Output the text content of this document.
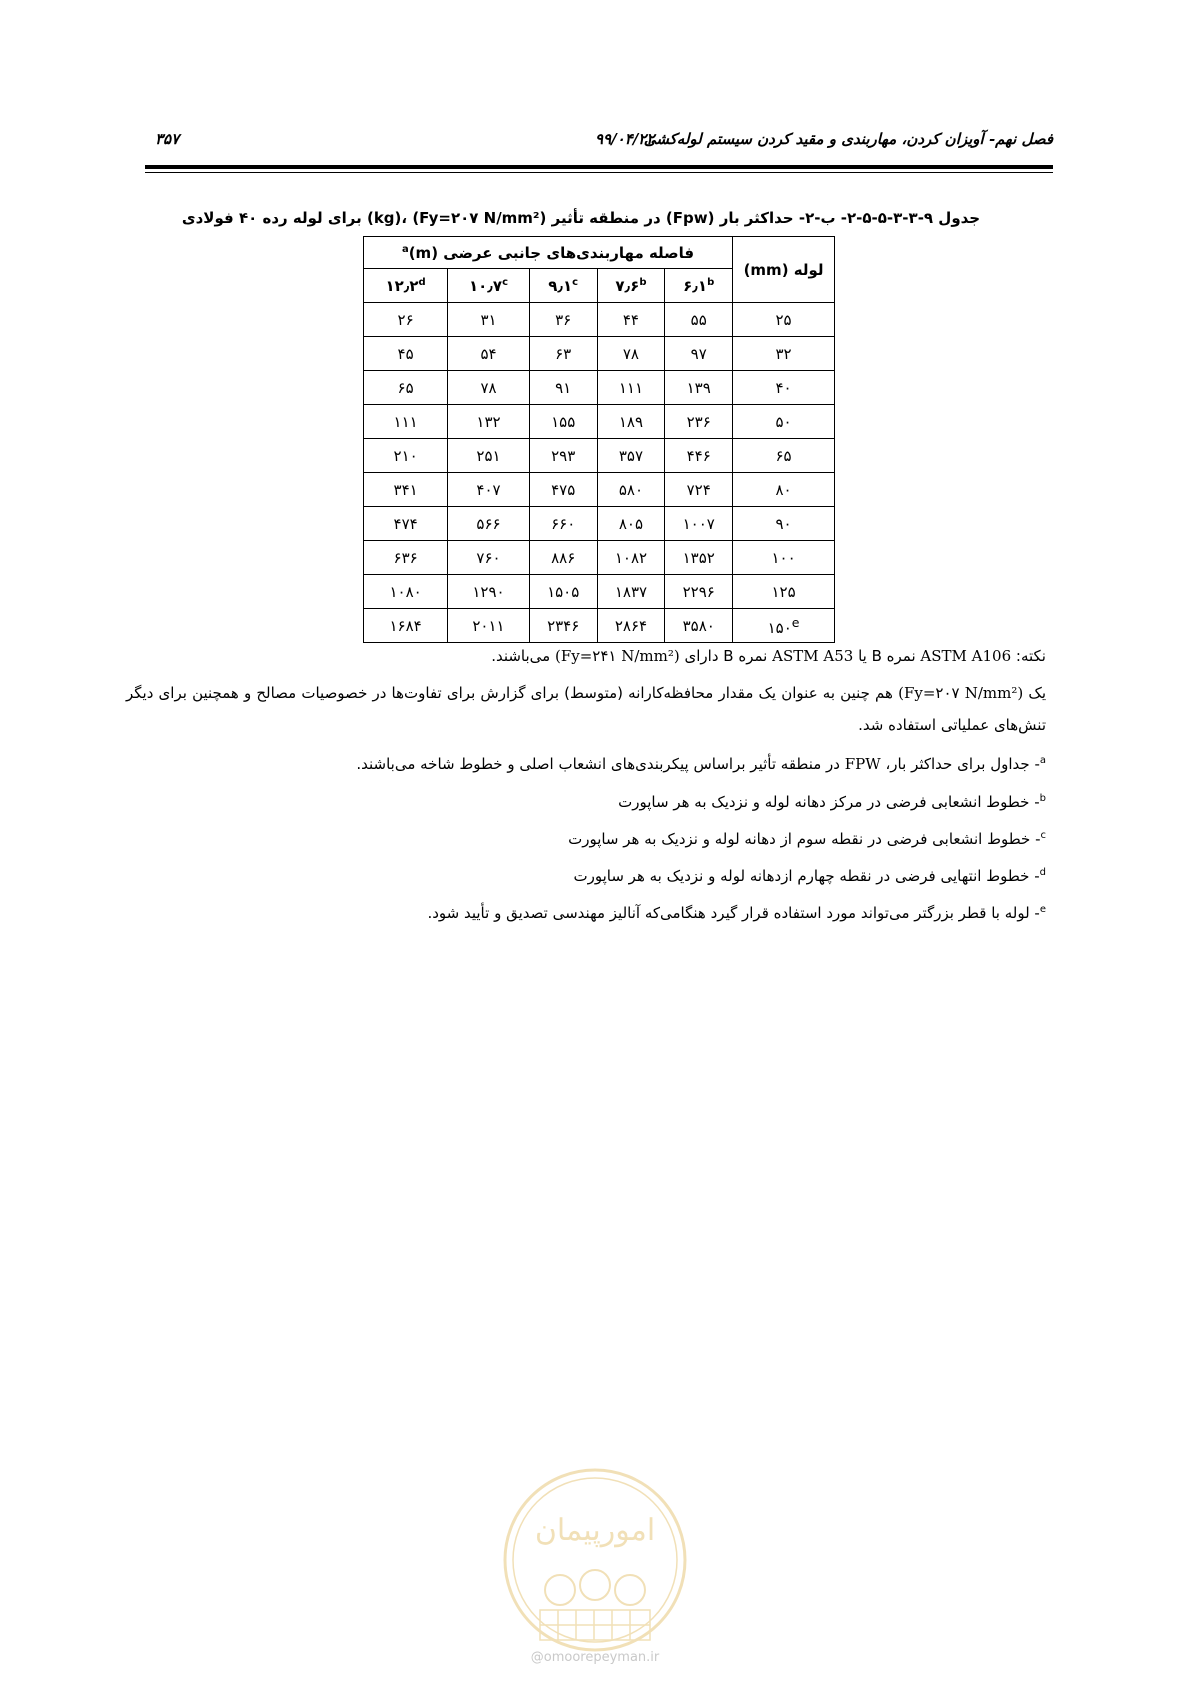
فصل نهم- آویزان کردن، مهاربندی و مقید کردن سیستم لوله‌کشی
۹۹/۰۴/۲۲
۳۵۷
جدول ۹-۳-۳-۵-۵-۲- ب-۲- حداکثر بار (Fpw) در منطقه تأثیر (kg)، (Fy=۲۰۷ N/mm²) برای لوله رده ۴۰ فولادی
لوله (mm)	فاصله مهاربندی‌های جانبی عرضی $(m)^a$
	۶٫۱$^b$	۷٫۶$^b$	۹٫۱$^c$	۱۰٫۷$^c$	۱۲٫۲$^d$
۲۵	۵۵	۴۴	۳۶	۳۱	۲۶
۳۲	۹۷	۷۸	۶۳	۵۴	۴۵
۴۰	۱۳۹	۱۱۱	۹۱	۷۸	۶۵
۵۰	۲۳۶	۱۸۹	۱۵۵	۱۳۲	۱۱۱
۶۵	۴۴۶	۳۵۷	۲۹۳	۲۵۱	۲۱۰
۸۰	۷۲۴	۵۸۰	۴۷۵	۴۰۷	۳۴۱
۹۰	۱۰۰۷	۸۰۵	۶۶۰	۵۶۶	۴۷۴
۱۰۰	۱۳۵۲	۱۰۸۲	۸۸۶	۷۶۰	۶۳۶
۱۲۵	۲۲۹۶	۱۸۳۷	۱۵۰۵	۱۲۹۰	۱۰۸۰
۱۵۰e	۳۵۸۰	۲۸۶۴	۲۳۴۶	۲۰۱۱	۱۶۸۴
نکته: ASTM A106 نمره B یا ASTM A53 نمره B دارای (Fy=۲۴۱ N/mm²) می‌باشند.
یک (Fy=۲۰۷ N/mm²) هم چنین به عنوان یک مقدار محافظه‌کارانه (متوسط) برای گزارش برای تفاوت‌ها در خصوصیات مصالح و همچنین برای دیگر تنش‌های عملیاتی استفاده شد.
$^a$- جداول برای حداکثر بار، FPW در منطقه تأثیر براساس پیکربندی‌های انشعاب اصلی و خطوط شاخه می‌باشند.
$^b$- خطوط انشعابی فرضی در مرکز دهانه لوله و نزدیک به هر ساپورت
$^c$- خطوط انشعابی فرضی در نقطه سوم از دهانه لوله و نزدیک به هر ساپورت
$^d$- خطوط انتهایی فرضی در نقطه چهارم ازدهانه لوله و نزدیک به هر ساپورت
$^e$- لوله با قطر بزرگتر می‌تواند مورد استفاده قرار گیرد هنگامی‌که آنالیز مهندسی تصدیق و تأیید شود.
امورپیمان
@omoorepeyman.ir
